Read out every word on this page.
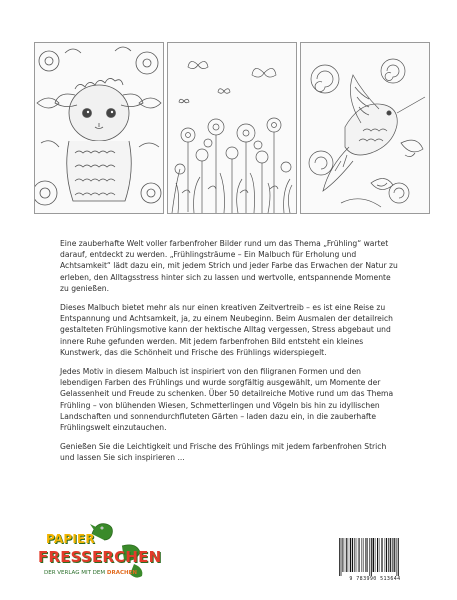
Eine zauberhafte Welt voller farbenfroher Bilder rund um das Thema „Frühling“ wartet darauf, entdeckt zu werden. „Frühlingsträume – Ein Malbuch für Erholung und Achtsamkeit“ lädt dazu ein, mit jedem Strich und jeder Farbe das Erwachen der Natur zu erleben, den Alltagsstress hinter sich zu lassen und wertvolle, entspannende Momente zu genießen.

Dieses Malbuch bietet mehr als nur einen kreativen Zeitvertreib – es ist eine Reise zu Entspannung und Achtsamkeit, ja, zu einem Neubeginn. Beim Ausmalen der detailreich gestalteten Frühlingsmotive kann der hektische Alltag vergessen, Stress abgebaut und innere Ruhe gefunden werden. Mit jedem farbenfrohen Bild entsteht ein kleines Kunstwerk, das die Schönheit und Frische des Frühlings widerspiegelt.

Jedes Motiv in diesem Malbuch ist inspiriert von den filigranen Formen und den lebendigen Farben des Frühlings und wurde sorgfältig ausgewählt, um Momente der Gelassenheit und Freude zu schenken. Über 50 detailreiche Motive rund um das Thema Frühling – von blühenden Wiesen, Schmetterlingen und Vögeln bis hin zu idyllischen Landschaften und sonnendurchfluteten Gärten – laden dazu ein, in die zauberhafte Frühlingswelt einzutauchen.

Genießen Sie die Leichtigkeit und Frische des Frühlings mit jedem farbenfrohen Strich und lassen Sie sich inspirieren ...

PAPIER
FRESSERCHEN
DER VERLAG MIT DEM DRACHEN
9 783990 513644
